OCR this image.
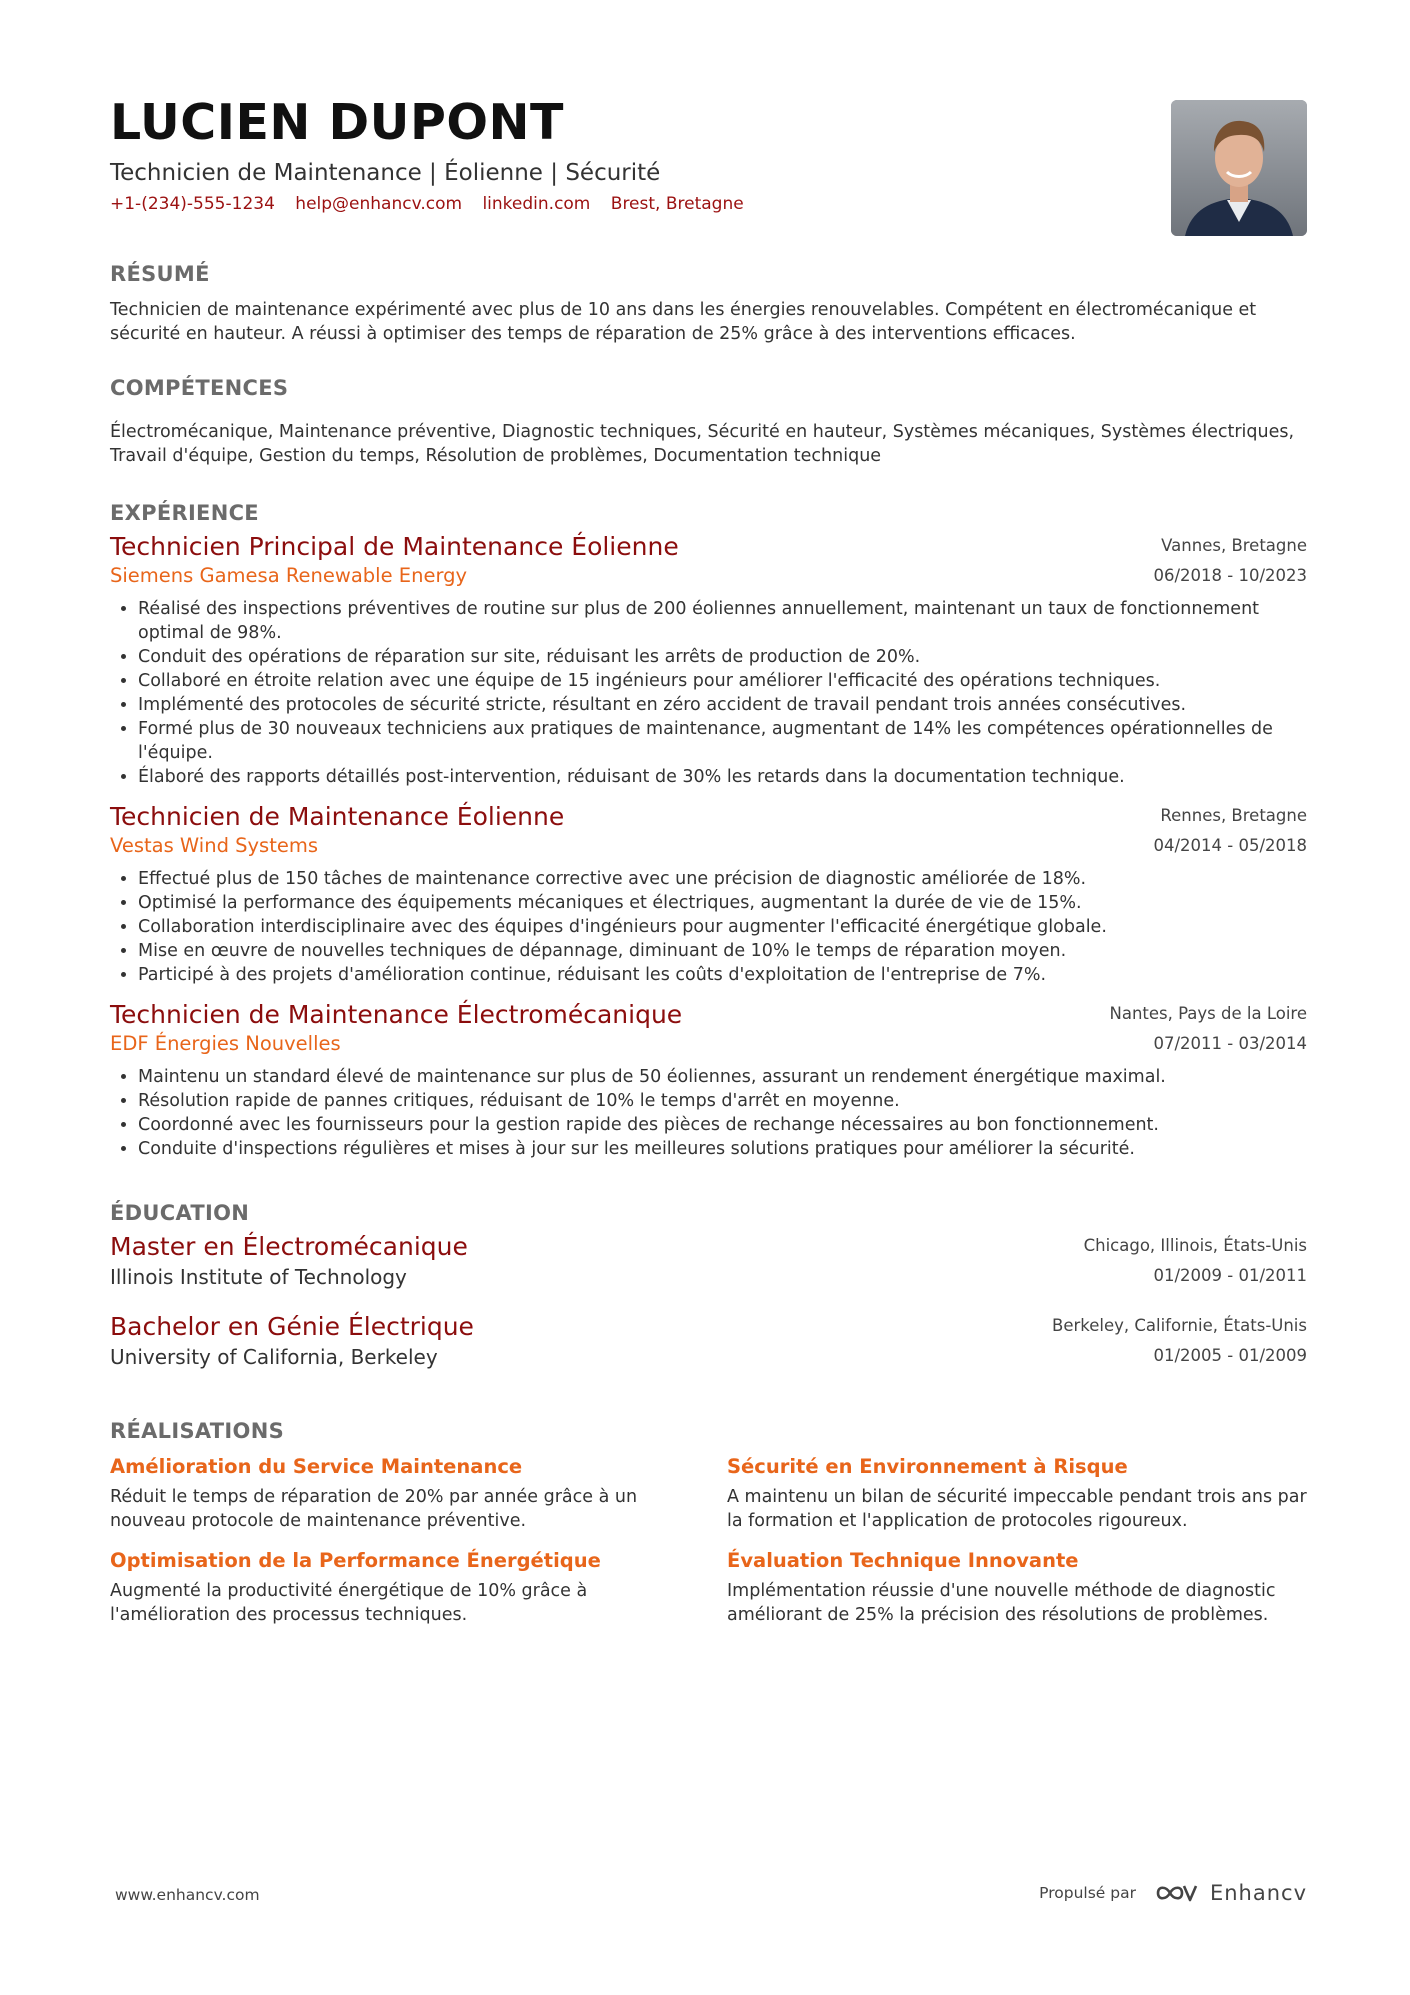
LUCIEN DUPONT
Technicien de Maintenance | Éolienne | Sécurité
+1-(234)-555-1234 help@enhancv.com linkedin.com Brest, Bretagne
RÉSUMÉ
Technicien de maintenance expérimenté avec plus de 10 ans dans les énergies renouvelables. Compétent en électromécanique et sécurité en hauteur. A réussi à optimiser des temps de réparation de 25% grâce à des interventions efficaces.
COMPÉTENCES
Électromécanique, Maintenance préventive, Diagnostic techniques, Sécurité en hauteur, Systèmes mécaniques, Systèmes électriques, Travail d'équipe, Gestion du temps, Résolution de problèmes, Documentation technique
EXPÉRIENCE
Technicien Principal de Maintenance Éolienne
Siemens Gamesa Renewable Energy
Vannes, Bretagne
06/2018 - 10/2023
• Réalisé des inspections préventives de routine sur plus de 200 éoliennes annuellement, maintenant un taux de fonctionnement optimal de 98%.
• Conduit des opérations de réparation sur site, réduisant les arrêts de production de 20%.
• Collaboré en étroite relation avec une équipe de 15 ingénieurs pour améliorer l'efficacité des opérations techniques.
• Implémenté des protocoles de sécurité stricte, résultant en zéro accident de travail pendant trois années consécutives.
• Formé plus de 30 nouveaux techniciens aux pratiques de maintenance, augmentant de 14% les compétences opérationnelles de l'équipe.
• Élaboré des rapports détaillés post-intervention, réduisant de 30% les retards dans la documentation technique.
Technicien de Maintenance Éolienne
Vestas Wind Systems
Rennes, Bretagne
04/2014 - 05/2018
• Effectué plus de 150 tâches de maintenance corrective avec une précision de diagnostic améliorée de 18%.
• Optimisé la performance des équipements mécaniques et électriques, augmentant la durée de vie de 15%.
• Collaboration interdisciplinaire avec des équipes d'ingénieurs pour augmenter l'efficacité énergétique globale.
• Mise en œuvre de nouvelles techniques de dépannage, diminuant de 10% le temps de réparation moyen.
• Participé à des projets d'amélioration continue, réduisant les coûts d'exploitation de l'entreprise de 7%.
Technicien de Maintenance Électromécanique
EDF Énergies Nouvelles
Nantes, Pays de la Loire
07/2011 - 03/2014
• Maintenu un standard élevé de maintenance sur plus de 50 éoliennes, assurant un rendement énergétique maximal.
• Résolution rapide de pannes critiques, réduisant de 10% le temps d'arrêt en moyenne.
• Coordonné avec les fournisseurs pour la gestion rapide des pièces de rechange nécessaires au bon fonctionnement.
• Conduite d'inspections régulières et mises à jour sur les meilleures solutions pratiques pour améliorer la sécurité.
ÉDUCATION
Master en Électromécanique
Illinois Institute of Technology
Chicago, Illinois, États-Unis
01/2009 - 01/2011
Bachelor en Génie Électrique
University of California, Berkeley
Berkeley, Californie, États-Unis
01/2005 - 01/2009
RÉALISATIONS
Amélioration du Service Maintenance
Réduit le temps de réparation de 20% par année grâce à un nouveau protocole de maintenance préventive.
Sécurité en Environnement à Risque
A maintenu un bilan de sécurité impeccable pendant trois ans par la formation et l'application de protocoles rigoureux.
Optimisation de la Performance Énergétique
Augmenté la productivité énergétique de 10% grâce à l'amélioration des processus techniques.
Évaluation Technique Innovante
Implémentation réussie d'une nouvelle méthode de diagnostic améliorant de 25% la précision des résolutions de problèmes.
www.enhancv.com	Propulsé par	Enhancv
